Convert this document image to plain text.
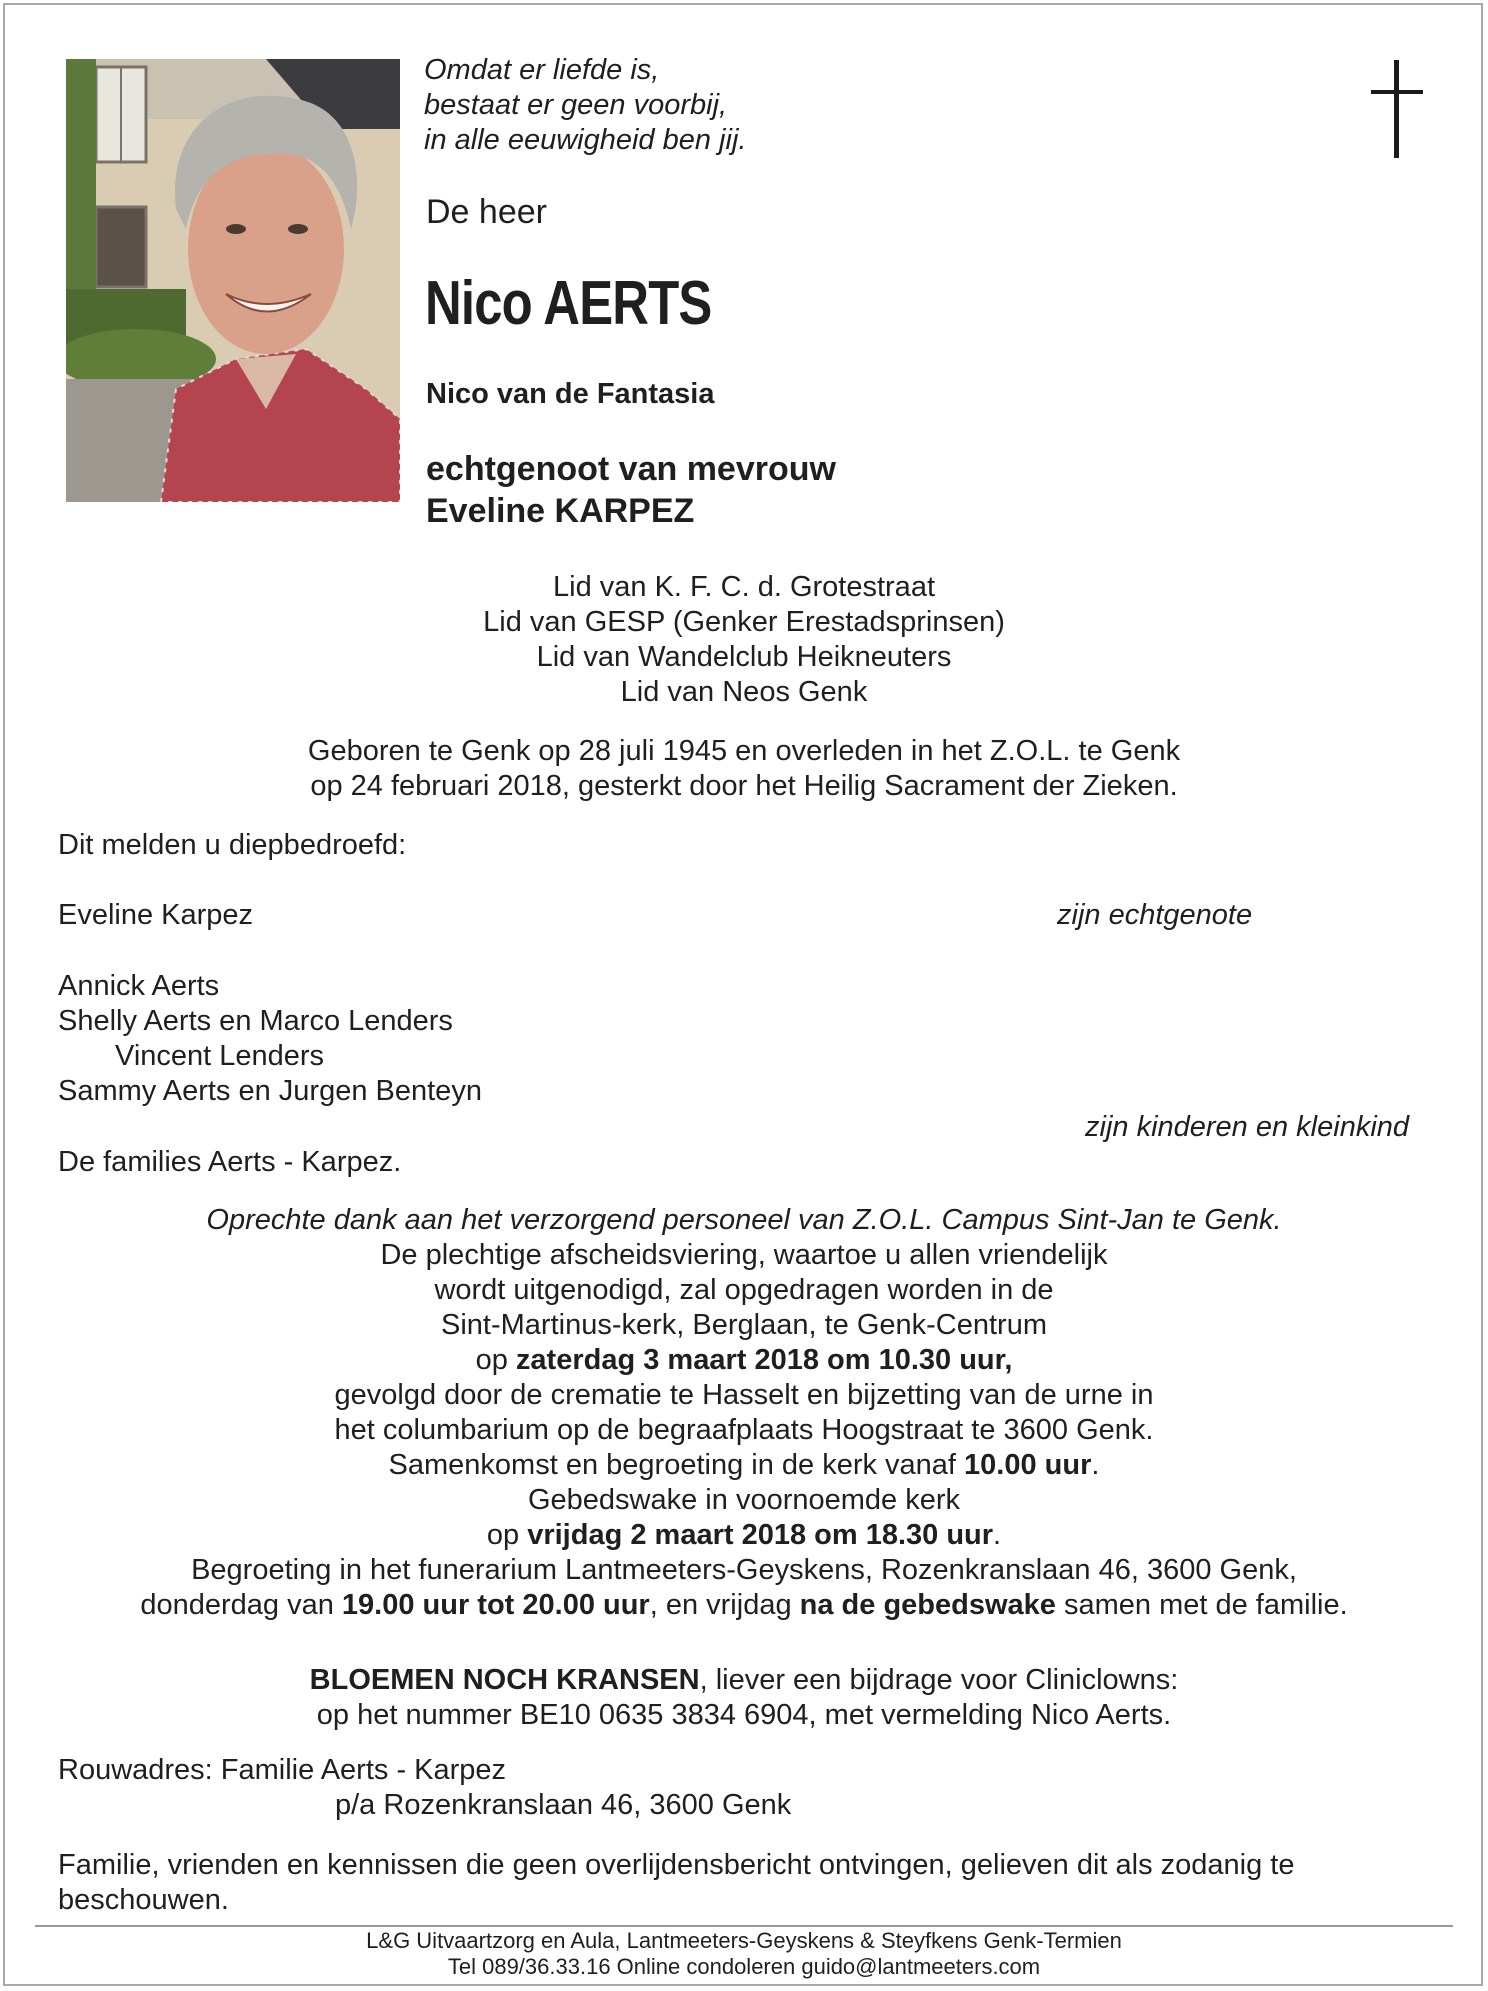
Omdat er liefde is,
bestaat er geen voorbij,
in alle eeuwigheid ben jij.
De heer
Nico AERTS
Nico van de Fantasia
echtgenoot van mevrouw
Eveline KARPEZ
Lid van K. F. C. d. Grotestraat
Lid van GESP (Genker Erestadsprinsen)
Lid van Wandelclub Heikneuters
Lid van Neos Genk
Geboren te Genk op 28 juli 1945 en overleden in het Z.O.L. te Genk
op 24 februari 2018, gesterkt door het Heilig Sacrament der Zieken.
Dit melden u diepbedroefd:
Eveline Karpez	zijn echtgenote
Annick Aerts
Shelly Aerts en Marco Lenders
Vincent Lenders
Sammy Aerts en Jurgen Benteyn
zijn kinderen en kleinkind
De families Aerts - Karpez.
Oprechte dank aan het verzorgend personeel van Z.O.L. Campus Sint-Jan te Genk.
De plechtige afscheidsviering, waartoe u allen vriendelijk
wordt uitgenodigd, zal opgedragen worden in de
Sint-Martinus-kerk, Berglaan, te Genk-Centrum
op zaterdag 3 maart 2018 om 10.30 uur,
gevolgd door de crematie te Hasselt en bijzetting van de urne in
het columbarium op de begraafplaats Hoogstraat te 3600 Genk.
Samenkomst en begroeting in de kerk vanaf 10.00 uur.
Gebedswake in voornoemde kerk
op vrijdag 2 maart 2018 om 18.30 uur.
Begroeting in het funerarium Lantmeeters-Geyskens, Rozenkranslaan 46, 3600 Genk,
donderdag van 19.00 uur tot 20.00 uur, en vrijdag na de gebedswake samen met de familie.
BLOEMEN NOCH KRANSEN, liever een bijdrage voor Cliniclowns:
op het nummer BE10 0635 3834 6904, met vermelding Nico Aerts.
Rouwadres: Familie Aerts - Karpez
p/a Rozenkranslaan 46, 3600 Genk
Familie, vrienden en kennissen die geen overlijdensbericht ontvingen, gelieven dit als zodanig te beschouwen.
L&G Uitvaartzorg en Aula, Lantmeeters-Geyskens & Steyfkens Genk-Termien
Tel 089/36.33.16 Online condoleren guido@lantmeeters.com
